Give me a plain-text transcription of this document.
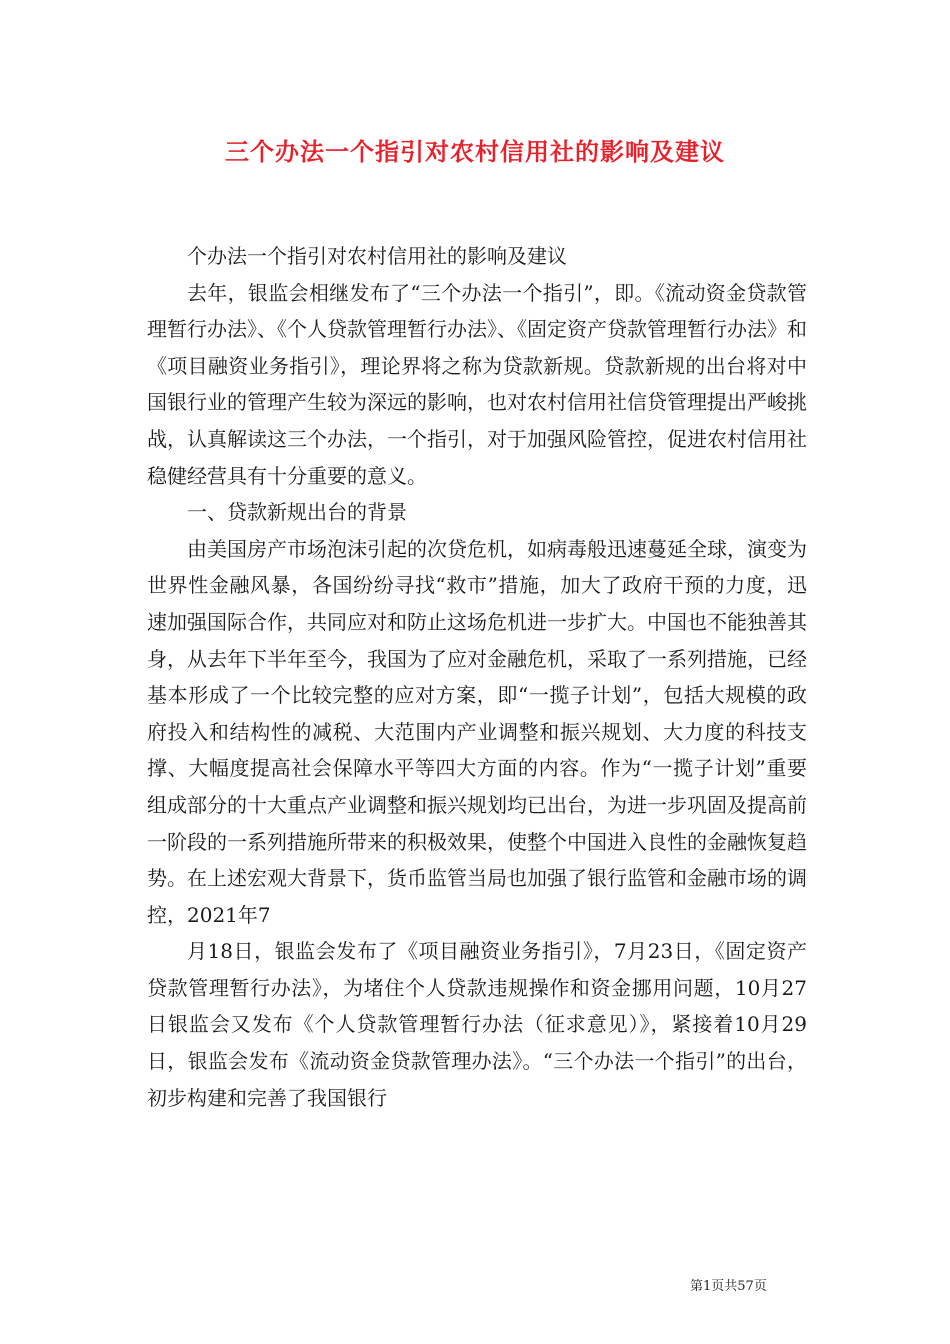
三个办法一个指引对农村信用社的影响及建议

个办法一个指引对农村信用社的影响及建议

去年，银监会相继发布了“三个办法一个指引”，即。《流动资金贷款管理暂行办法》、《个人贷款管理暂行办法》、《固定资产贷款管理暂行办法》和《项目融资业务指引》，理论界将之称为贷款新规。贷款新规的出台将对中国银行业的管理产生较为深远的影响，也对农村信用社信贷管理提出严峻挑战，认真解读这三个办法，一个指引，对于加强风险管控，促进农村信用社稳健经营具有十分重要的意义。

一、贷款新规出台的背景

由美国房产市场泡沫引起的次贷危机，如病毒般迅速蔓延全球，演变为世界性金融风暴，各国纷纷寻找“救市”措施，加大了政府干预的力度，迅速加强国际合作，共同应对和防止这场危机进一步扩大。中国也不能独善其身，从去年下半年至今，我国为了应对金融危机，采取了一系列措施，已经基本形成了一个比较完整的应对方案，即“一揽子计划”，包括大规模的政府投入和结构性的减税、大范围内产业调整和振兴规划、大力度的科技支撑、大幅度提高社会保障水平等四大方面的内容。作为“一揽子计划”重要组成部分的十大重点产业调整和振兴规划均已出台，为进一步巩固及提高前一阶段的一系列措施所带来的积极效果，使整个中国进入良性的金融恢复趋势。在上述宏观大背景下，货币监管当局也加强了银行监管和金融市场的调控，2021年7

月18日，银监会发布了《项目融资业务指引》，7月23日，《固定资产贷款管理暂行办法》，为堵住个人贷款违规操作和资金挪用问题，10月27日银监会又发布《个人贷款管理暂行办法（征求意见）》，紧接着10月29日，银监会发布《流动资金贷款管理办法》。“三个办法一个指引”的出台，初步构建和完善了我国银行

第1页共57页
